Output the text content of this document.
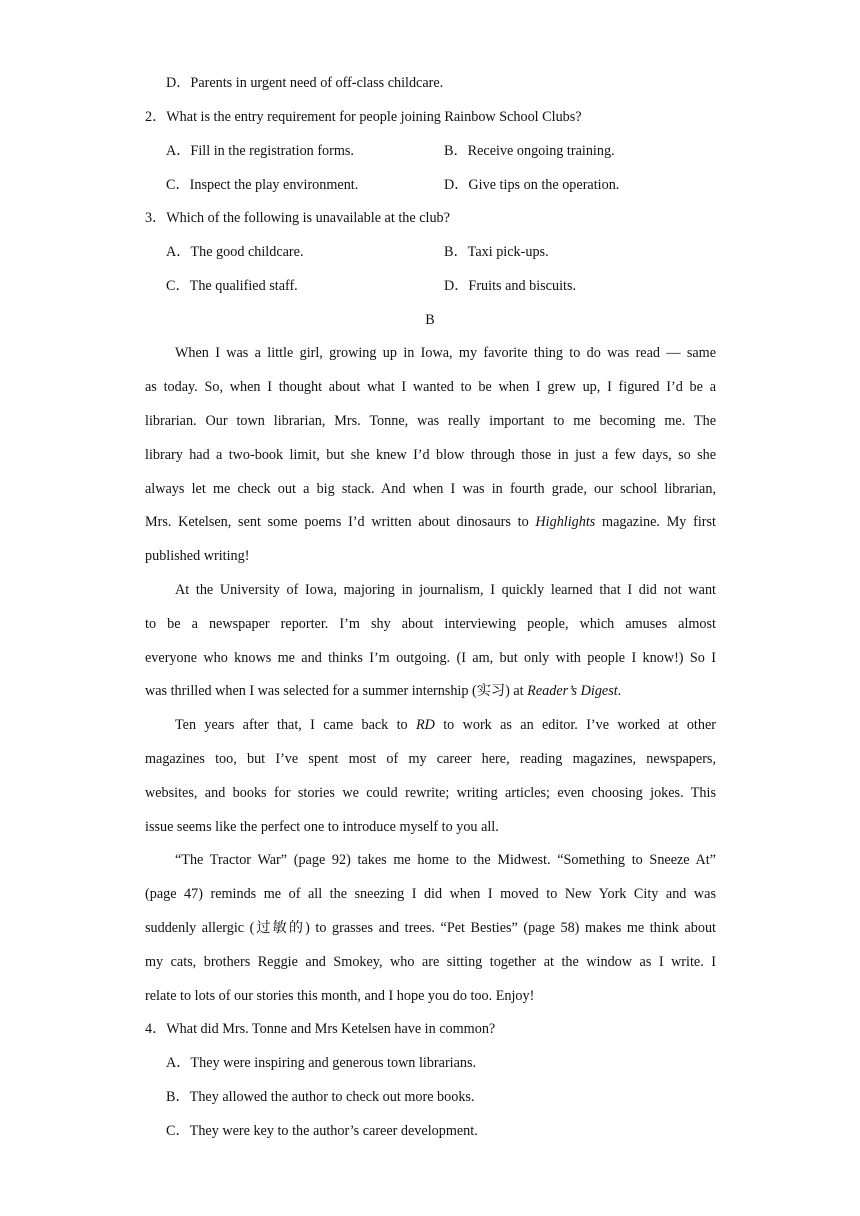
D．Parents in urgent need of off-class childcare.
2．What is the entry requirement for people joining Rainbow School Clubs?
A．Fill in the registration forms.	B．Receive ongoing training.
C．Inspect the play environment.	D．Give tips on the operation.
3．Which of the following is unavailable at the club?
A．The good childcare.	B．Taxi pick-ups.
C．The qualified staff.	D．Fruits and biscuits.
B
When I was a little girl, growing up in Iowa, my favorite thing to do was read — same
as today. So, when I thought about what I wanted to be when I grew up, I figured I’d be a
librarian. Our town librarian, Mrs. Tonne, was really important to me becoming me. The
library had a two-book limit, but she knew I’d blow through those in just a few days, so she
always let me check out a big stack. And when I was in fourth grade, our school librarian,
Mrs. Ketelsen, sent some poems I’d written about dinosaurs to Highlights magazine. My first
published writing!
At the University of Iowa, majoring in journalism, I quickly learned that I did not want
to be a newspaper reporter. I’m shy about interviewing people, which amuses almost
everyone who knows me and thinks I’m outgoing. (I am, but only with people I know!) So I
was thrilled when I was selected for a summer internship (实习) at Reader’s Digest.
Ten years after that, I came back to RD to work as an editor. I’ve worked at other
magazines too, but I’ve spent most of my career here, reading magazines, newspapers,
websites, and books for stories we could rewrite; writing articles; even choosing jokes. This
issue seems like the perfect one to introduce myself to you all.
“The Tractor War” (page 92) takes me home to the Midwest. “Something to Sneeze At”
(page 47) reminds me of all the sneezing I did when I moved to New York City and was
suddenly allergic (过敏的) to grasses and trees. “Pet Besties” (page 58) makes me think about
my cats, brothers Reggie and Smokey, who are sitting together at the window as I write. I
relate to lots of our stories this month, and I hope you do too. Enjoy!
4．What did Mrs. Tonne and Mrs Ketelsen have in common?
A．They were inspiring and generous town librarians.
B．They allowed the author to check out more books.
C．They were key to the author’s career development.
